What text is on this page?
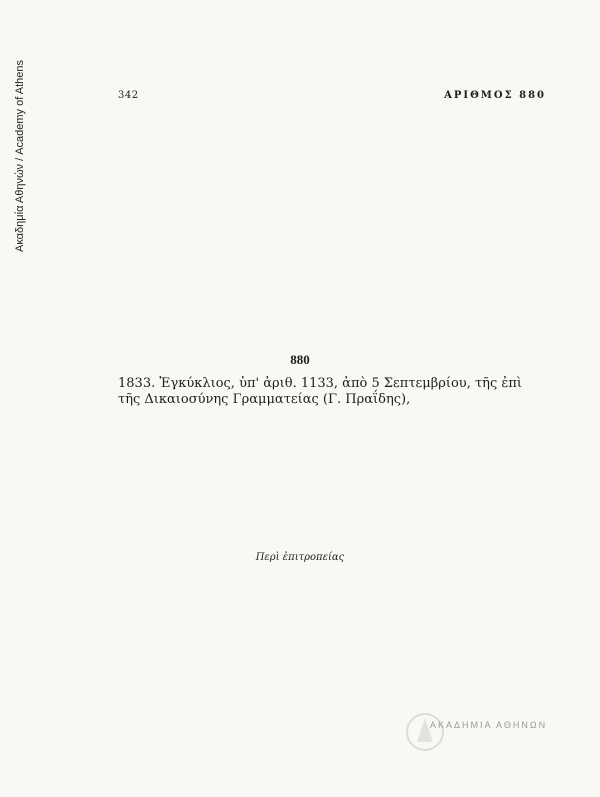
Ακαδημία Αθηνών / Academy of Athens	342	ΑΡΙΘΜΟΣ 880
880
1833. Ἐγκύκλιος, ὑπ' ἀριθ. 1133, ἀπὸ 5 Σεπτεμβρίου, τῆς ἐπὶ τῆς Δικαιοσύνης Γραμματείας (Γ. Πραΐδης),
Περὶ ἐπιτροπείας
ΑΚΑΔΗΜΙΑ ΑΘΗΝΩΝ
